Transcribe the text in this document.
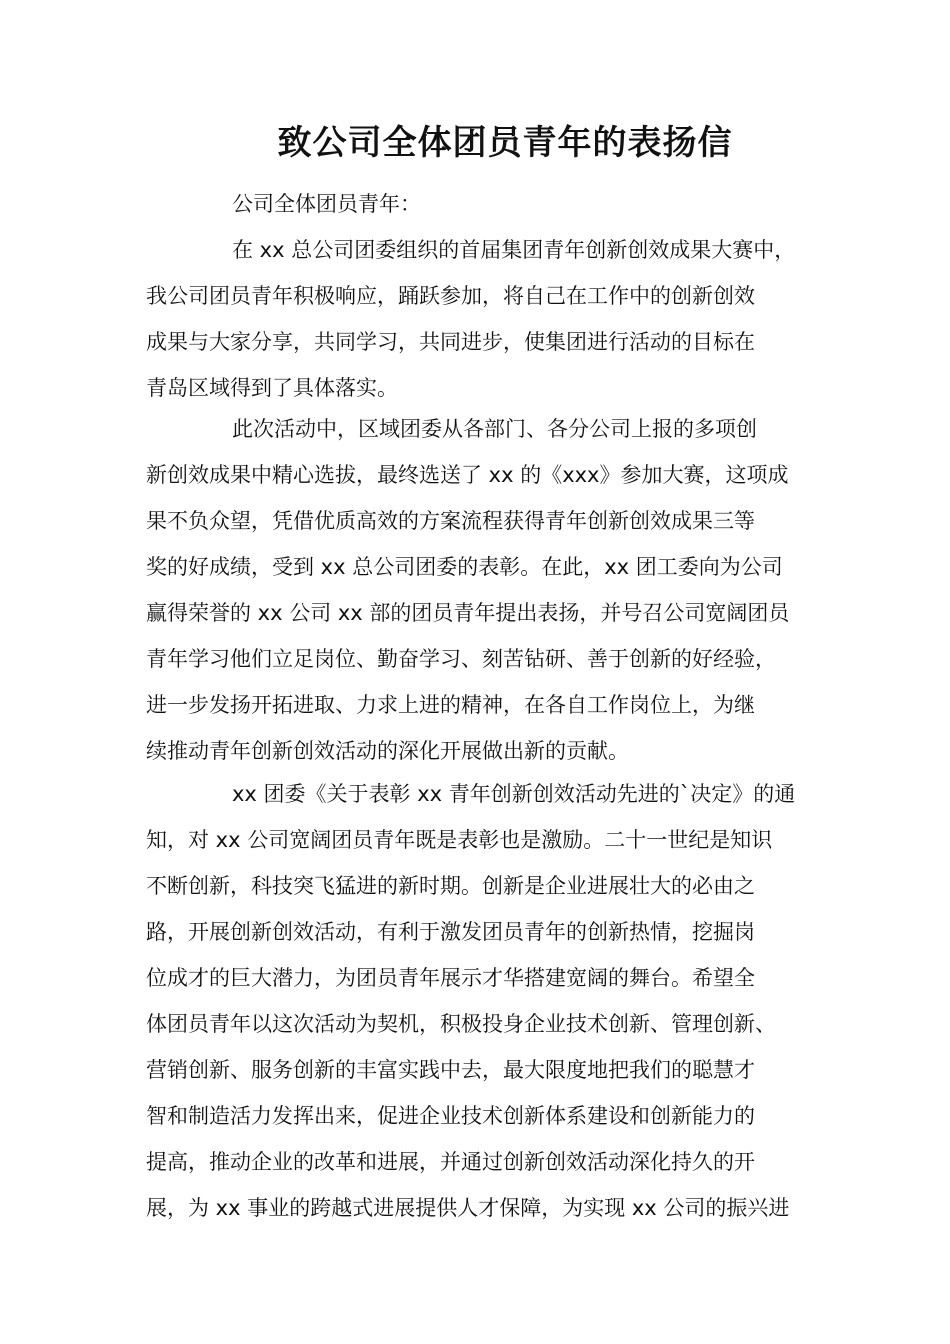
致公司全体团员青年的表扬信
公司全体团员青年：
在 xx 总公司团委组织的首届集团青年创新创效成果大赛中，
我公司团员青年积极响应，踊跃参加，将自己在工作中的创新创效
成果与大家分享，共同学习，共同进步，使集团进行活动的目标在
青岛区域得到了具体落实。
此次活动中，区域团委从各部门、各分公司上报的多项创
新创效成果中精心选拔，最终选送了 xx 的《xxx》参加大赛，这项成
果不负众望，凭借优质高效的方案流程获得青年创新创效成果三等
奖的好成绩，受到 xx 总公司团委的表彰。在此，xx 团工委向为公司
赢得荣誉的 xx 公司 xx 部的团员青年提出表扬，并号召公司宽阔团员
青年学习他们立足岗位、勤奋学习、刻苦钻研、善于创新的好经验，
进一步发扬开拓进取、力求上进的精神，在各自工作岗位上，为继
续推动青年创新创效活动的深化开展做出新的贡献。
xx 团委《关于表彰 xx 青年创新创效活动先进的`决定》的通
知，对 xx 公司宽阔团员青年既是表彰也是激励。二十一世纪是知识
不断创新，科技突飞猛进的新时期。创新是企业进展壮大的必由之
路，开展创新创效活动，有利于激发团员青年的创新热情，挖掘岗
位成才的巨大潜力，为团员青年展示才华搭建宽阔的舞台。希望全
体团员青年以这次活动为契机，积极投身企业技术创新、管理创新、
营销创新、服务创新的丰富实践中去，最大限度地把我们的聪慧才
智和制造活力发挥出来，促进企业技术创新体系建设和创新能力的
提高，推动企业的改革和进展，并通过创新创效活动深化持久的开
展，为 xx 事业的跨越式进展提供人才保障，为实现 xx 公司的振兴进
